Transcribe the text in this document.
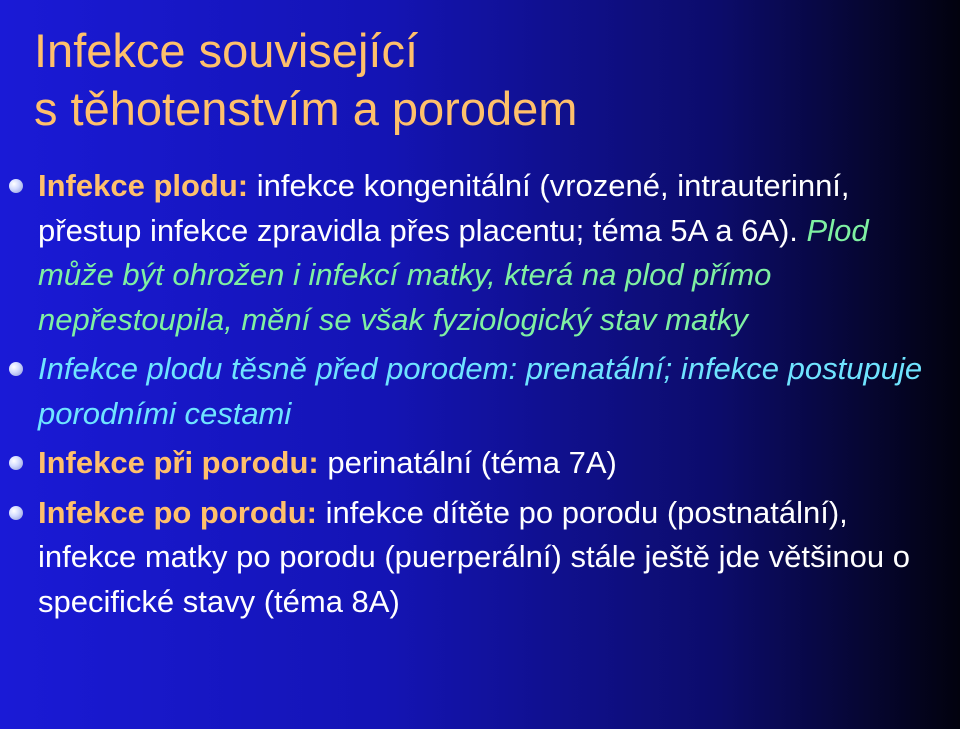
Infekce související
s těhotenstvím a porodem
Infekce plodu: infekce kongenitální (vrozené, intrauterinní, přestup infekce zpravidla přes placentu; téma 5A a 6A). Plod může být ohrožen i infekcí matky, která na plod přímo nepřestoupila, mění se však fyziologický stav matky
Infekce plodu těsně před porodem: prenatální; infekce postupuje porodními cestami
Infekce při porodu: perinatální (téma 7A)
Infekce po porodu: infekce dítěte po porodu (postnatální), infekce matky po porodu (puerperální) stále ještě jde většinou o specifické stavy (téma 8A)
